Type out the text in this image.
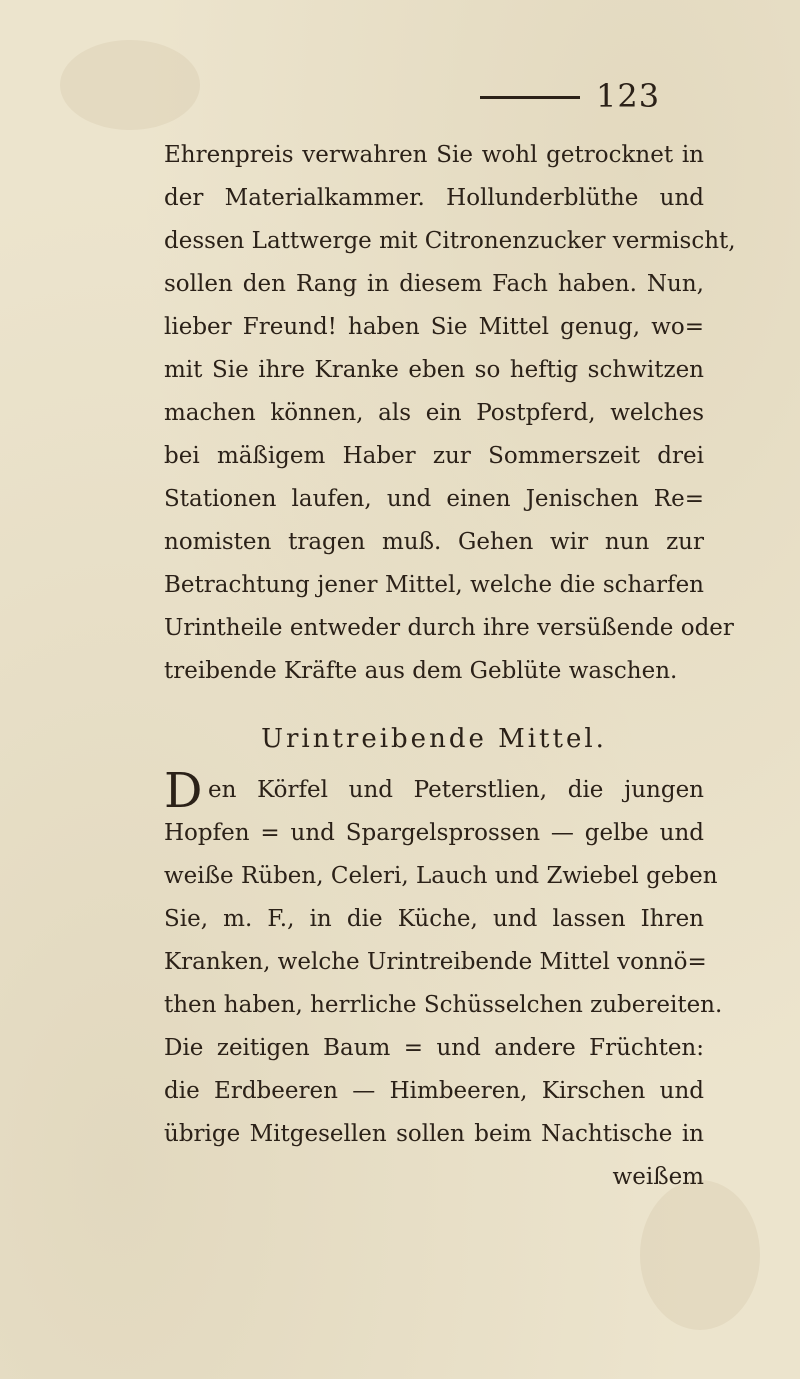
123
Ehrenpreis verwahren Sie wohl getrocknet in
der Materialkammer. Hollunderblüthe und
dessen Lattwerge mit Citronenzucker vermischt,
sollen den Rang in diesem Fach haben. Nun,
lieber Freund! haben Sie Mittel genug, wo=
mit Sie ihre Kranke eben so heftig schwitzen
machen können, als ein Postpferd, welches
bei mäßigem Haber zur Sommerszeit drei
Stationen laufen, und einen Jenischen Re=
nomisten tragen muß. Gehen wir nun zur
Betrachtung jener Mittel, welche die scharfen
Urintheile entweder durch ihre versüßende oder
treibende Kräfte aus dem Geblüte waschen.
Urintreibende Mittel.
D en Körfel und Peterstlien, die jungen
Hopfen = und Spargelsprossen — gelbe und
weiße Rüben, Celeri, Lauch und Zwiebel geben
Sie, m. F., in die Küche, und lassen Ihren
Kranken, welche Urintreibende Mittel vonnö=
then haben, herrliche Schüsselchen zubereiten.
Die zeitigen Baum = und andere Früchten:
die Erdbeeren — Himbeeren, Kirschen und
übrige Mitgesellen sollen beim Nachtische in
weißem
